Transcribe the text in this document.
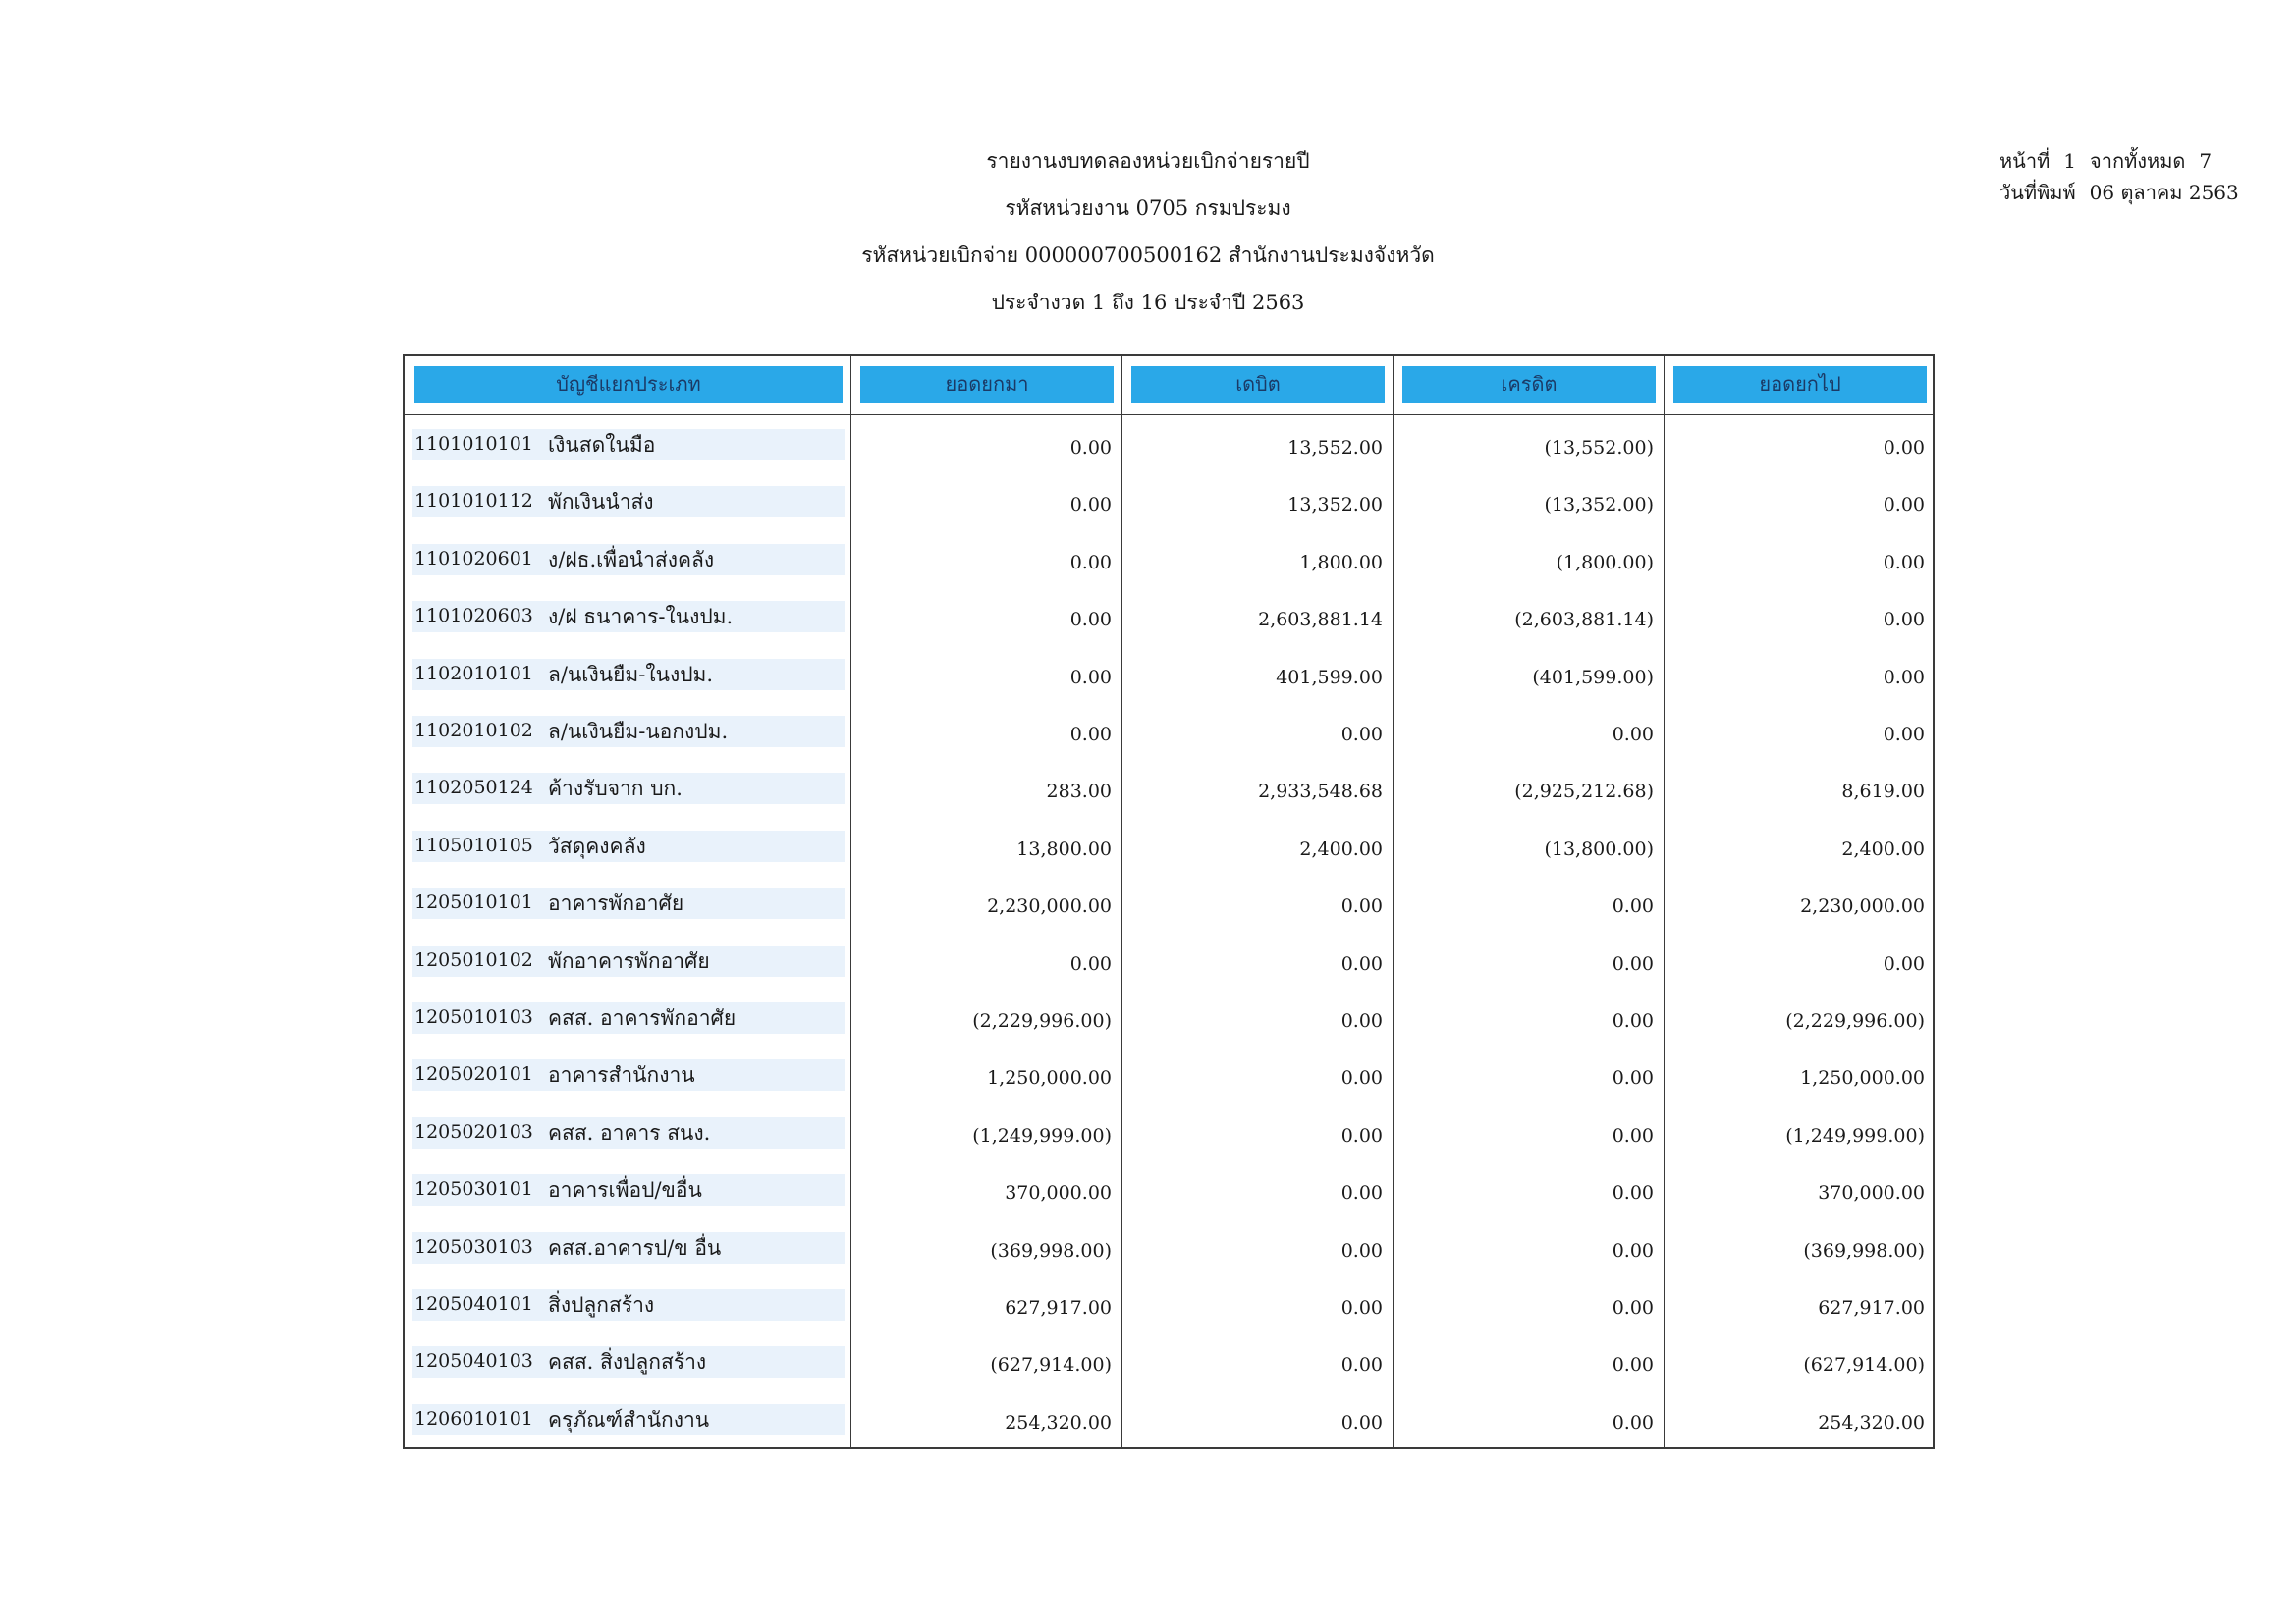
รายงานงบทดลองหน่วยเบิกจ่ายรายปี
รหัสหน่วยงาน 0705 กรมประมง
รหัสหน่วยเบิกจ่าย 000000700500162 สำนักงานประมงจังหวัด
ประจำงวด 1 ถึง 16 ประจำปี 2563
หน้าที่ 1 จากทั้งหมด 7
วันที่พิมพ์ 06 ตุลาคม 2563
บัญชีแยกประเภท	ยอดยกมา	เดบิต	เครดิต	ยอดยกไป
1101010101 เงินสดในมือ	0.00	13,552.00	(13,552.00)	0.00
1101010112 พักเงินนำส่ง	0.00	13,352.00	(13,352.00)	0.00
1101020601 ง/ฝธ.เพื่อนำส่งคลัง	0.00	1,800.00	(1,800.00)	0.00
1101020603 ง/ฝ ธนาคาร-ในงปม.	0.00	2,603,881.14	(2,603,881.14)	0.00
1102010101 ล/นเงินยืม-ในงปม.	0.00	401,599.00	(401,599.00)	0.00
1102010102 ล/นเงินยืม-นอกงปม.	0.00	0.00	0.00	0.00
1102050124 ค้างรับจาก บก.	283.00	2,933,548.68	(2,925,212.68)	8,619.00
1105010105 วัสดุคงคลัง	13,800.00	2,400.00	(13,800.00)	2,400.00
1205010101 อาคารพักอาศัย	2,230,000.00	0.00	0.00	2,230,000.00
1205010102 พักอาคารพักอาศัย	0.00	0.00	0.00	0.00
1205010103 คสส. อาคารพักอาศัย	(2,229,996.00)	0.00	0.00	(2,229,996.00)
1205020101 อาคารสำนักงาน	1,250,000.00	0.00	0.00	1,250,000.00
1205020103 คสส. อาคาร สนง.	(1,249,999.00)	0.00	0.00	(1,249,999.00)
1205030101 อาคารเพื่อป/ขอื่น	370,000.00	0.00	0.00	370,000.00
1205030103 คสส.อาคารป/ข อื่น	(369,998.00)	0.00	0.00	(369,998.00)
1205040101 สิ่งปลูกสร้าง	627,917.00	0.00	0.00	627,917.00
1205040103 คสส. สิ่งปลูกสร้าง	(627,914.00)	0.00	0.00	(627,914.00)
1206010101 ครุภัณฑ์สำนักงาน	254,320.00	0.00	0.00	254,320.00
